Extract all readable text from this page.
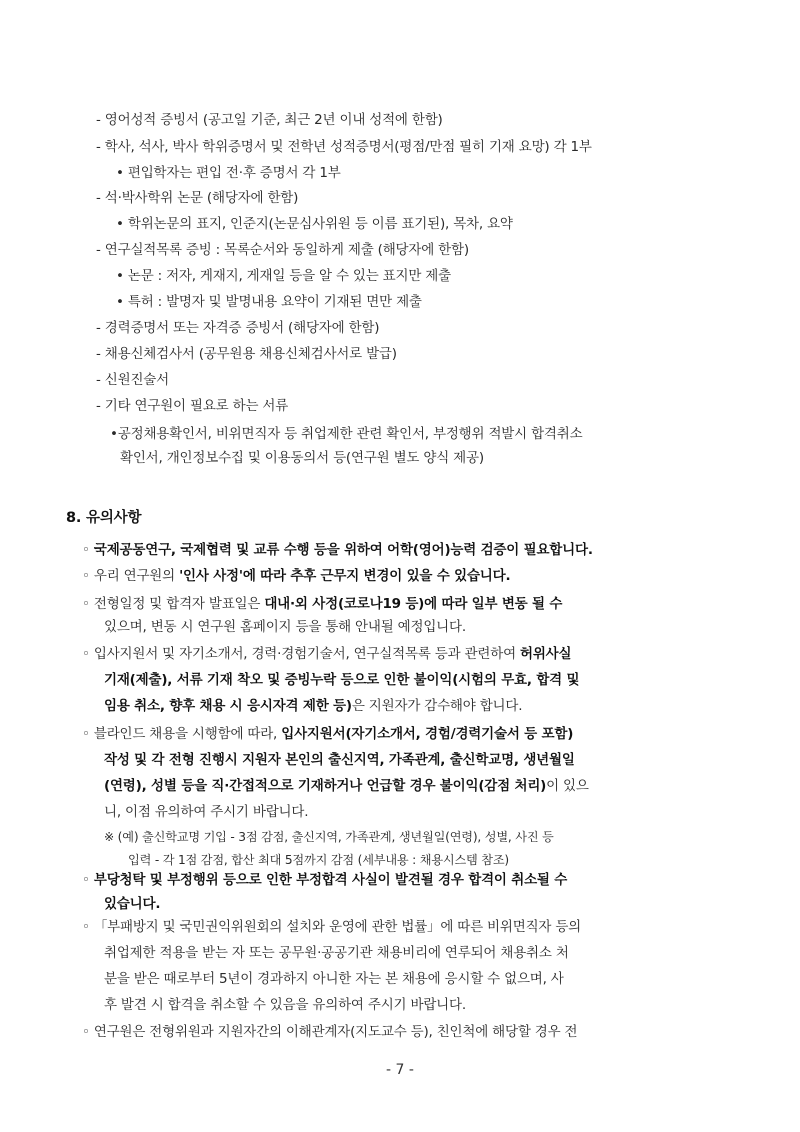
- 영어성적 증빙서 (공고일 기준, 최근 2년 이내 성적에 한함)
- 학사, 석사, 박사 학위증명서 및 전학년 성적증명서(평점/만점 필히 기재 요망) 각 1부
• 편입학자는 편입 전·후 증명서 각 1부
- 석·박사학위 논문 (해당자에 한함)
• 학위논문의 표지, 인준지(논문심사위원 등 이름 표기된), 목차, 요약
- 연구실적목록 증빙 : 목록순서와 동일하게 제출 (해당자에 한함)
• 논문 : 저자, 게재지, 게재일 등을 알 수 있는 표지만 제출
• 특허 : 발명자 및 발명내용 요약이 기재된 면만 제출
- 경력증명서 또는 자격증 증빙서 (해당자에 한함)
- 채용신체검사서 (공무원용 채용신체검사서로 발급)
- 신원진술서
- 기타 연구원이 필요로 하는 서류
•공정채용확인서, 비위면직자 등 취업제한 관련 확인서, 부정행위 적발시 합격취소
확인서, 개인정보수집 및 이용동의서 등(연구원 별도 양식 제공)
8. 유의사항
◦ 국제공동연구, 국제협력 및 교류 수행 등을 위하여 어학(영어)능력 검증이 필요합니다.
◦ 우리 연구원의 '인사 사정'에 따라 추후 근무지 변경이 있을 수 있습니다.
◦ 전형일정 및 합격자 발표일은 대내·외 사정(코로나19 등)에 따라 일부 변동 될 수
있으며, 변동 시 연구원 홈페이지 등을 통해 안내될 예정입니다.
◦ 입사지원서 및 자기소개서, 경력·경험기술서, 연구실적목록 등과 관련하여 허위사실
기재(제출), 서류 기재 착오 및 증빙누락 등으로 인한 불이익(시험의 무효, 합격 및
임용 취소, 향후 채용 시 응시자격 제한 등)은 지원자가 감수해야 합니다.
◦ 블라인드 채용을 시행함에 따라, 입사지원서(자기소개서, 경험/경력기술서 등 포함)
작성 및 각 전형 진행시 지원자 본인의 출신지역, 가족관계, 출신학교명, 생년월일
(연령), 성별 등을 직·간접적으로 기재하거나 언급할 경우 불이익(감점 처리)이 있으
니, 이점 유의하여 주시기 바랍니다.
※ (예) 출신학교명 기입 - 3점 감점, 출신지역, 가족관계, 생년월일(연령), 성별, 사진 등
입력 - 각 1점 감점, 합산 최대 5점까지 감점 (세부내용 : 채용시스템 참조)
◦ 부당청탁 및 부정행위 등으로 인한 부정합격 사실이 발견될 경우 합격이 취소될 수
있습니다.
◦ 「부패방지 및 국민권익위원회의 설치와 운영에 관한 법률」에 따른 비위면직자 등의
취업제한 적용을 받는 자 또는 공무원·공공기관 채용비리에 연루되어 채용취소 처
분을 받은 때로부터 5년이 경과하지 아니한 자는 본 채용에 응시할 수 없으며, 사
후 발견 시 합격을 취소할 수 있음을 유의하여 주시기 바랍니다.
◦ 연구원은 전형위원과 지원자간의 이해관계자(지도교수 등), 친인척에 해당할 경우 전
- 7 -
